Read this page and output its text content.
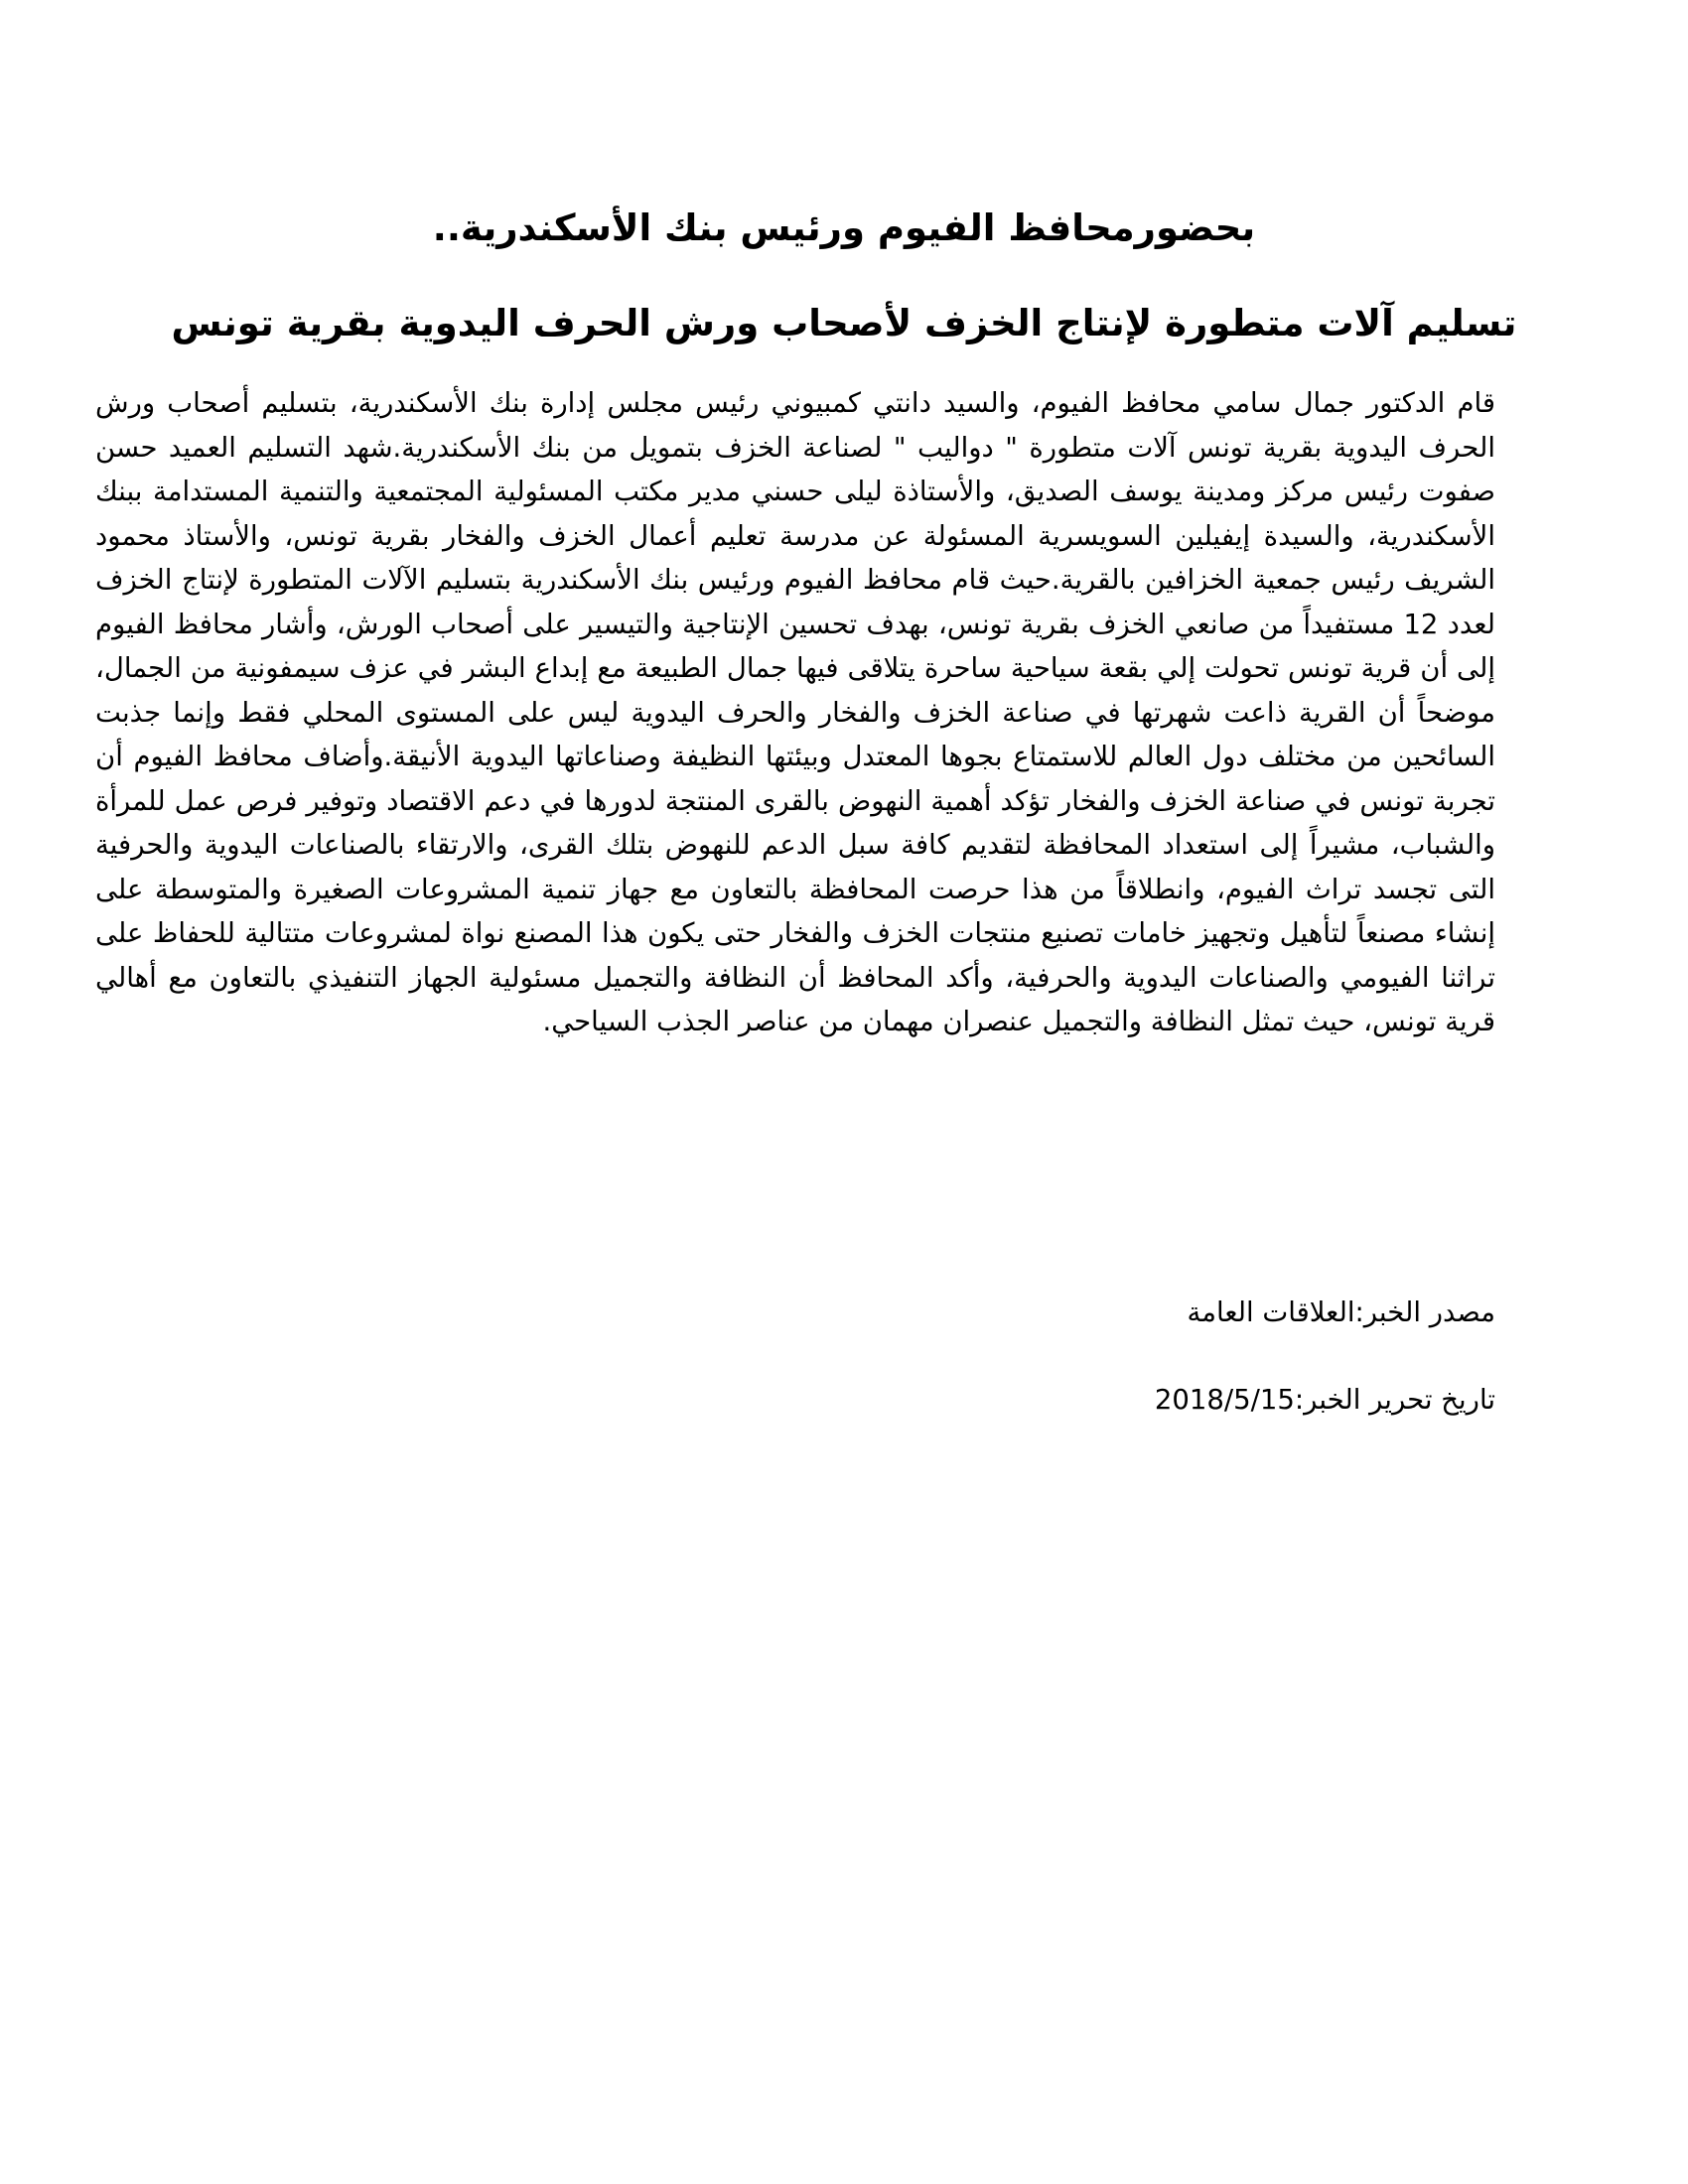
بحضورمحافظ الفيوم ورئيس بنك الأسكندرية..
تسليم آلات متطورة لإنتاج الخزف لأصحاب ورش الحرف اليدوية بقرية تونس

قام الدكتور جمال سامي محافظ الفيوم، والسيد دانتي كمبيوني رئيس مجلس إدارة بنك الأسكندرية، بتسليم أصحاب ورش الحرف اليدوية بقرية تونس آلات متطورة " دواليب " لصناعة الخزف بتمويل من بنك الأسكندرية.شهد التسليم العميد حسن صفوت رئيس مركز ومدينة يوسف الصديق، والأستاذة ليلى حسني مدير مكتب المسئولية المجتمعية والتنمية المستدامة ببنك الأسكندرية، والسيدة إيفيلين السويسرية المسئولة عن مدرسة تعليم أعمال الخزف والفخار بقرية تونس، والأستاذ محمود الشريف رئيس جمعية الخزافين بالقرية.حيث قام محافظ الفيوم ورئيس بنك الأسكندرية بتسليم الآلات المتطورة لإنتاج الخزف لعدد 12 مستفيداً من صانعي الخزف بقرية تونس، بهدف تحسين الإنتاجية والتيسير على أصحاب الورش، وأشار محافظ الفيوم إلى أن قرية تونس تحولت إلي بقعة سياحية ساحرة يتلاقى فيها جمال الطبيعة مع إبداع البشر في عزف سيمفونية من الجمال، موضحاً أن القرية ذاعت شهرتها في صناعة الخزف والفخار والحرف اليدوية ليس على المستوى المحلي فقط وإنما جذبت السائحين من مختلف دول العالم للاستمتاع بجوها المعتدل وبيئتها النظيفة وصناعاتها اليدوية الأنيقة.وأضاف محافظ الفيوم أن تجربة تونس في صناعة الخزف والفخار تؤكد أهمية النهوض بالقرى المنتجة لدورها في دعم الاقتصاد وتوفير فرص عمل للمرأة والشباب، مشيراً إلى استعداد المحافظة لتقديم كافة سبل الدعم للنهوض بتلك القرى، والارتقاء بالصناعات اليدوية والحرفية التى تجسد تراث الفيوم، وانطلاقاً من هذا حرصت المحافظة بالتعاون مع جهاز تنمية المشروعات الصغيرة والمتوسطة على إنشاء مصنعاً لتأهيل وتجهيز خامات تصنيع منتجات الخزف والفخار حتى يكون هذا المصنع نواة لمشروعات متتالية للحفاظ على تراثنا الفيومي والصناعات اليدوية والحرفية، وأكد المحافظ أن النظافة والتجميل مسئولية الجهاز التنفيذي بالتعاون مع أهالي قرية تونس، حيث تمثل النظافة والتجميل عنصران مهمان من عناصر الجذب السياحي.

مصدر الخبر:العلاقات العامة

تاريخ تحرير الخبر:2018/5/15
